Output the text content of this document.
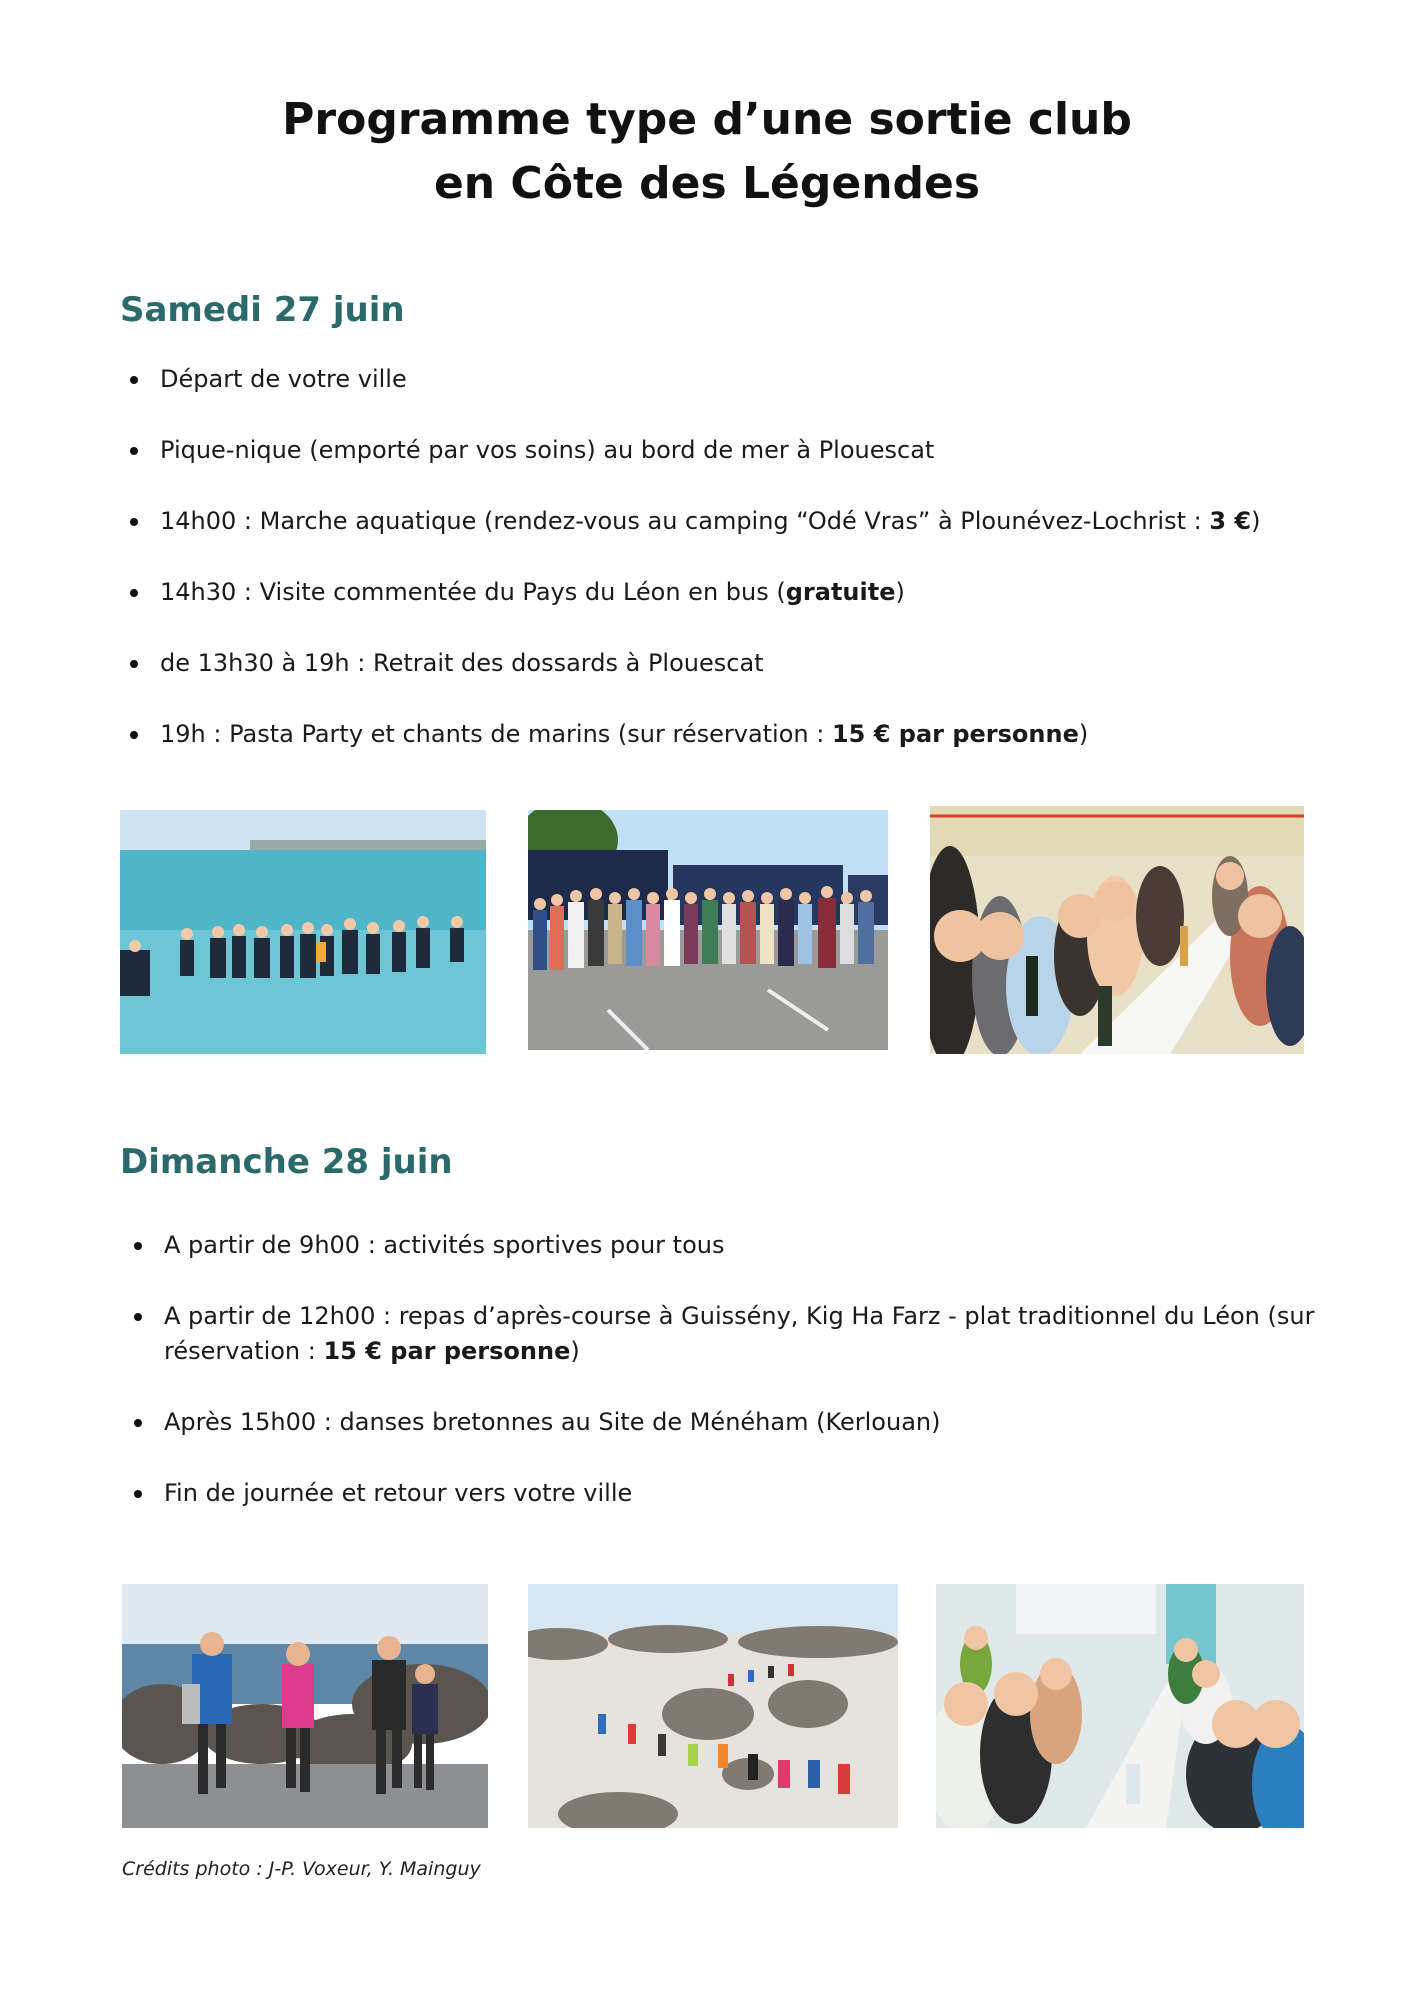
Programme type d’une sortie club
en Côte des Légendes
Samedi 27 juin
Départ de votre ville
Pique-nique (emporté par vos soins) au bord de mer à Plouescat
14h00 : Marche aquatique (rendez-vous au camping “Odé Vras” à Plounévez-Lochrist : 3 €)
14h30 : Visite commentée du Pays du Léon en bus (gratuite)
de 13h30 à 19h : Retrait des dossards à Plouescat
19h : Pasta Party et chants de marins (sur réservation : 15 € par personne)
Dimanche 28 juin
A partir de 9h00 : activités sportives pour tous
A partir de 12h00 : repas d’après-course à Guissény, Kig Ha Farz - plat traditionnel du Léon (sur réservation : 15 € par personne)
Après 15h00 : danses bretonnes au Site de Ménéham (Kerlouan)
Fin de journée et retour vers votre ville
Crédits photo : J-P. Voxeur, Y. Mainguy
